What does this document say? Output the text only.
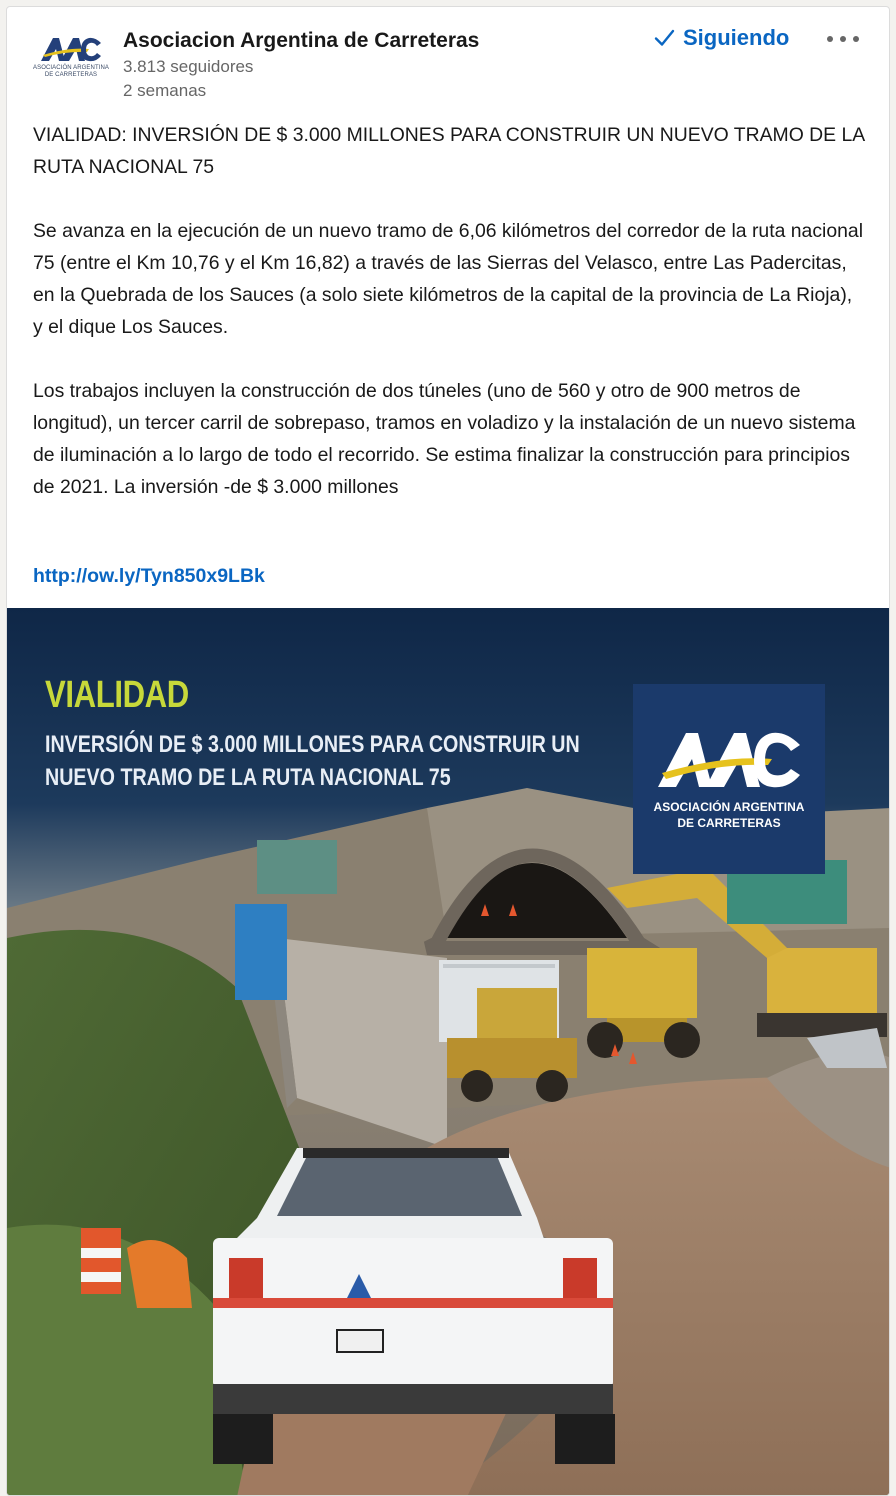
ASOCIACIÓN ARGENTINA
DE CARRETERAS
Asociacion Argentina de Carreteras
3.813 seguidores
2 semanas
Siguiendo

VIALIDAD: INVERSIÓN DE $ 3.000 MILLONES PARA CONSTRUIR UN NUEVO TRAMO DE LA RUTA NACIONAL 75

Se avanza en la ejecución de un nuevo tramo de 6,06 kilómetros del corredor de la ruta nacional 75 (entre el Km 10,76 y el Km 16,82) a través de las Sierras del Velasco, entre Las Padercitas, en la Quebrada de los Sauces (a solo siete kilómetros de la capital de la provincia de La Rioja), y el dique Los Sauces.

Los trabajos incluyen la construcción de dos túneles (uno de 560 y otro de 900 metros de longitud), un tercer carril de sobrepaso, tramos en voladizo y la instalación de un nuevo sistema de iluminación a lo largo de todo el recorrido. Se estima finalizar la construcción para principios de 2021. La inversión -de $ 3.000 millones

http://ow.ly/Tyn850x9LBk
VIALIDAD
INVERSIÓN DE $ 3.000 MILLONES PARA CONSTRUIR UN
NUEVO TRAMO DE LA RUTA NACIONAL 75
ASOCIACIÓN ARGENTINA
DE CARRETERAS
